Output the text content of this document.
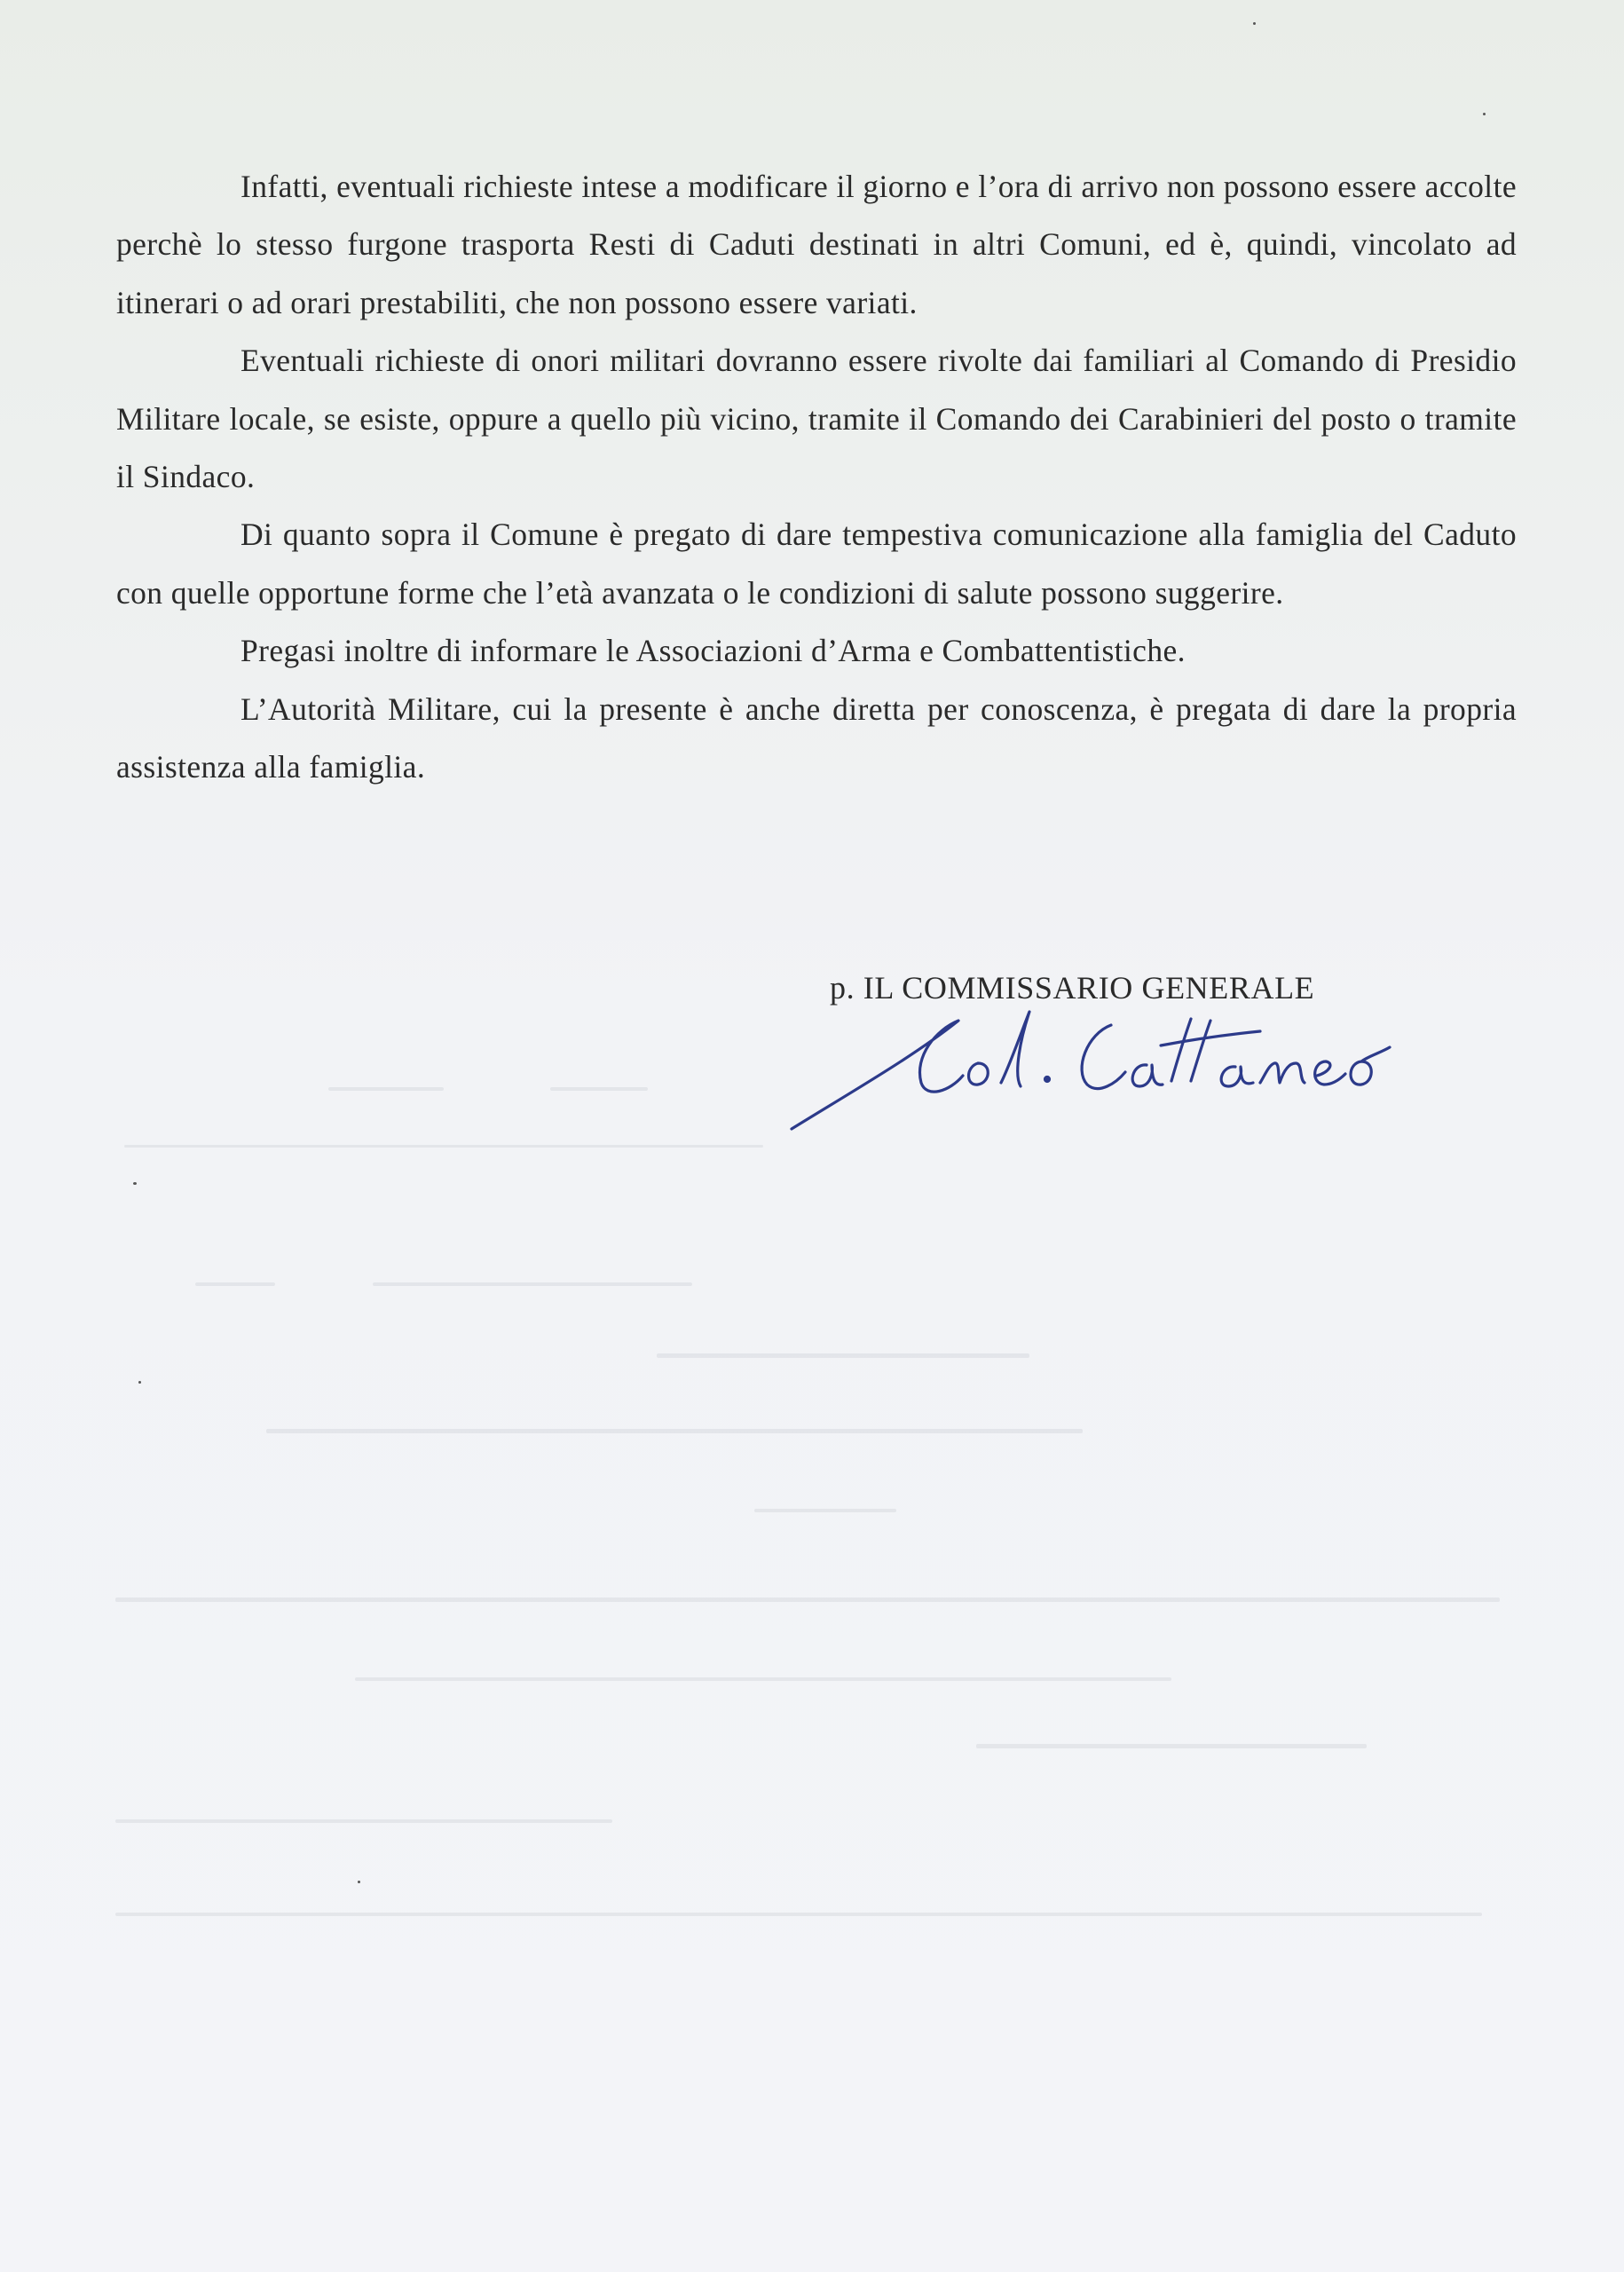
Infatti, eventuali richieste intese a modificare il giorno e l’ora di arrivo non possono essere accolte perchè lo stesso furgone trasporta Resti di Caduti destinati in altri Comuni, ed è, quindi, vincolato ad itinerari o ad orari prestabiliti, che non possono essere variati.

Eventuali richieste di onori militari dovranno essere rivolte dai familiari al Comando di Presidio Militare locale, se esiste, oppure a quello più vicino, tramite il Comando dei Carabinieri del posto o tramite il Sindaco.

Di quanto sopra il Comune è pregato di dare tempestiva comunicazione alla famiglia del Caduto con quelle opportune forme che l’età avanzata o le condizioni di salute possono suggerire.

Pregasi inoltre di informare le Associazioni d’Arma e Combattentistiche.

L’Autorità Militare, cui la presente è anche diretta per conoscenza, è pregata di dare la propria assistenza alla famiglia.

p. IL COMMISSARIO GENERALE
